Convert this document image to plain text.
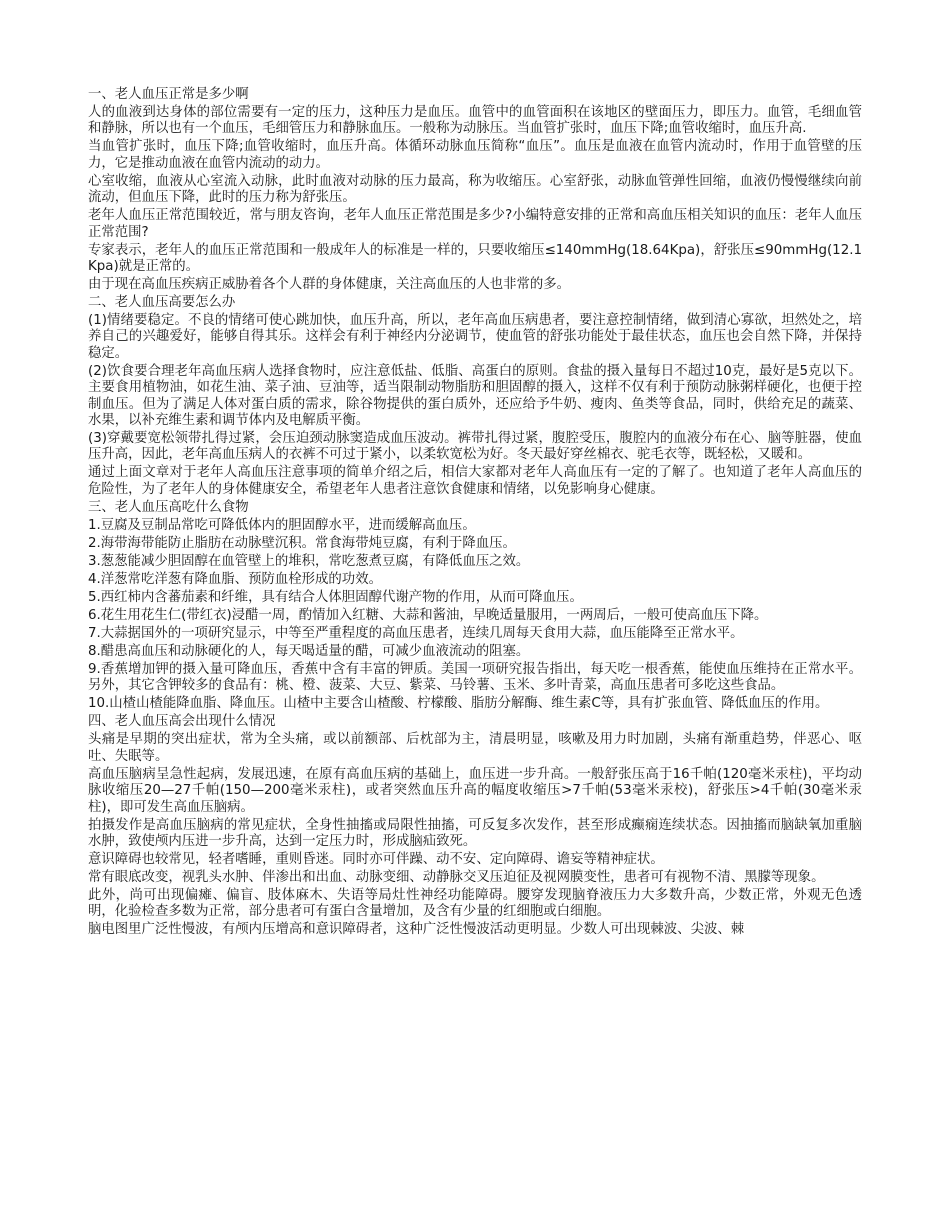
一、老人血压正常是多少啊
人的血液到达身体的部位需要有一定的压力，这种压力是血压。血管中的血管面积在该地区的壁面压力，即压力。血管，毛细血管和静脉，所以也有一个血压，毛细管压力和静脉血压。一般称为动脉压。当血管扩张时，血压下降;血管收缩时，血压升高.
当血管扩张时，血压下降;血管收缩时，血压升高。体循环动脉血压简称“血压”。血压是血液在血管内流动时，作用于血管壁的压力，它是推动血液在血管内流动的动力。
心室收缩，血液从心室流入动脉，此时血液对动脉的压力最高，称为收缩压。心室舒张，动脉血管弹性回缩，血液仍慢慢继续向前流动，但血压下降，此时的压力称为舒张压。
老年人血压正常范围较近，常与朋友咨询，老年人血压正常范围是多少?小编特意安排的正常和高血压相关知识的血压：老年人血压正常范围?
专家表示，老年人的血压正常范围和一般成年人的标准是一样的，只要收缩压≤140mmHg(18.64Kpa)，舒张压≤90mmHg(12.1Kpa)就是正常的。
由于现在高血压疾病正威胁着各个人群的身体健康，关注高血压的人也非常的多。
二、老人血压高要怎么办
(1)情绪要稳定。不良的情绪可使心跳加快，血压升高，所以，老年高血压病患者，要注意控制情绪，做到清心寡欲，坦然处之，培养自己的兴趣爱好，能够自得其乐。这样会有利于神经内分泌调节，使血管的舒张功能处于最佳状态，血压也会自然下降，并保持稳定。
(2)饮食要合理老年高血压病人选择食物时，应注意低盐、低脂、高蛋白的原则。食盐的摄入量每日不超过10克，最好是5克以下。主要食用植物油，如花生油、菜子油、豆油等，适当限制动物脂肪和胆固醇的摄入，这样不仅有利于预防动脉粥样硬化，也便于控制血压。但为了满足人体对蛋白质的需求，除谷物提供的蛋白质外，还应给予牛奶、瘦肉、鱼类等食品，同时，供给充足的蔬菜、水果，以补充维生素和调节体内及电解质平衡。
(3)穿戴要宽松领带扎得过紧，会压迫颈动脉窦造成血压波动。裤带扎得过紧，腹腔受压，腹腔内的血液分布在心、脑等脏器，使血压升高，因此，老年高血压病人的衣裤不可过于紧小，以柔软宽松为好。冬天最好穿丝棉衣、驼毛衣等，既轻松，又暖和。
通过上面文章对于老年人高血压注意事项的简单介绍之后，相信大家都对老年人高血压有一定的了解了。也知道了老年人高血压的危险性，为了老年人的身体健康安全，希望老年人患者注意饮食健康和情绪，以免影响身心健康。
三、老人血压高吃什么食物
1.豆腐及豆制品常吃可降低体内的胆固醇水平，进而缓解高血压。
2.海带海带能防止脂肪在动脉壁沉积。常食海带炖豆腐，有利于降血压。
3.葱葱能减少胆固醇在血管壁上的堆积，常吃葱煮豆腐，有降低血压之效。
4.洋葱常吃洋葱有降血脂、预防血栓形成的功效。
5.西红柿内含蕃茄素和纤维，具有结合人体胆固醇代谢产物的作用，从而可降血压。
6.花生用花生仁(带红衣)浸醋一周，酌情加入红糖、大蒜和酱油，早晚适量服用，一两周后，一般可使高血压下降。
7.大蒜据国外的一项研究显示，中等至严重程度的高血压患者，连续几周每天食用大蒜，血压能降至正常水平。
8.醋患高血压和动脉硬化的人，每天喝适量的醋，可减少血液流动的阻塞。
9.香蕉增加钾的摄入量可降血压，香蕉中含有丰富的钾质。美国一项研究报告指出，每天吃一根香蕉，能使血压维持在正常水平。另外，其它含钾较多的食品有：桃、橙、菠菜、大豆、紫菜、马铃薯、玉米、多叶青菜，高血压患者可多吃这些食品。
10.山楂山楂能降血脂、降血压。山楂中主要含山楂酸、柠檬酸、脂肪分解酶、维生素C等，具有扩张血管、降低血压的作用。
四、老人血压高会出现什么情况
头痛是早期的突出症状，常为全头痛，或以前额部、后枕部为主，清晨明显，咳嗽及用力时加剧，头痛有渐重趋势，伴恶心、呕吐、失眠等。
高血压脑病呈急性起病，发展迅速，在原有高血压病的基础上，血压进一步升高。一般舒张压高于16千帕(120毫米汞柱)，平均动脉收缩压20—27千帕(150—200毫米汞柱)，或者突然血压升高的幅度收缩压>7千帕(53毫米汞校)，舒张压>4千帕(30毫米汞柱)，即可发生高血压脑病。
拍摄发作是高血压脑病的常见症状，全身性抽搐或局限性抽搐，可反复多次发作，甚至形成癫痫连续状态。因抽搐而脑缺氧加重脑水肿，致使颅内压进一步升高，达到一定压力时，形成脑疝致死。
意识障碍也较常见，轻者嗜睡，重则昏迷。同时亦可伴躁、动不安、定向障碍、谵妄等精神症状。
常有眼底改变，视乳头水肿、伴渗出和出血、动脉变细、动静脉交叉压迫征及视网膜变性，患者可有视物不清、黑朦等现象。
此外，尚可出现偏瘫、偏盲、肢体麻木、失语等局灶性神经功能障碍。腰穿发现脑脊液压力大多数升高，少数正常，外观无色透明，化验检查多数为正常，部分患者可有蛋白含量增加，及含有少量的红细胞或白细胞。
脑电图里广泛性慢波，有颅内压增高和意识障碍者，这种广泛性慢波活动更明显。少数人可出现棘波、尖波、棘
